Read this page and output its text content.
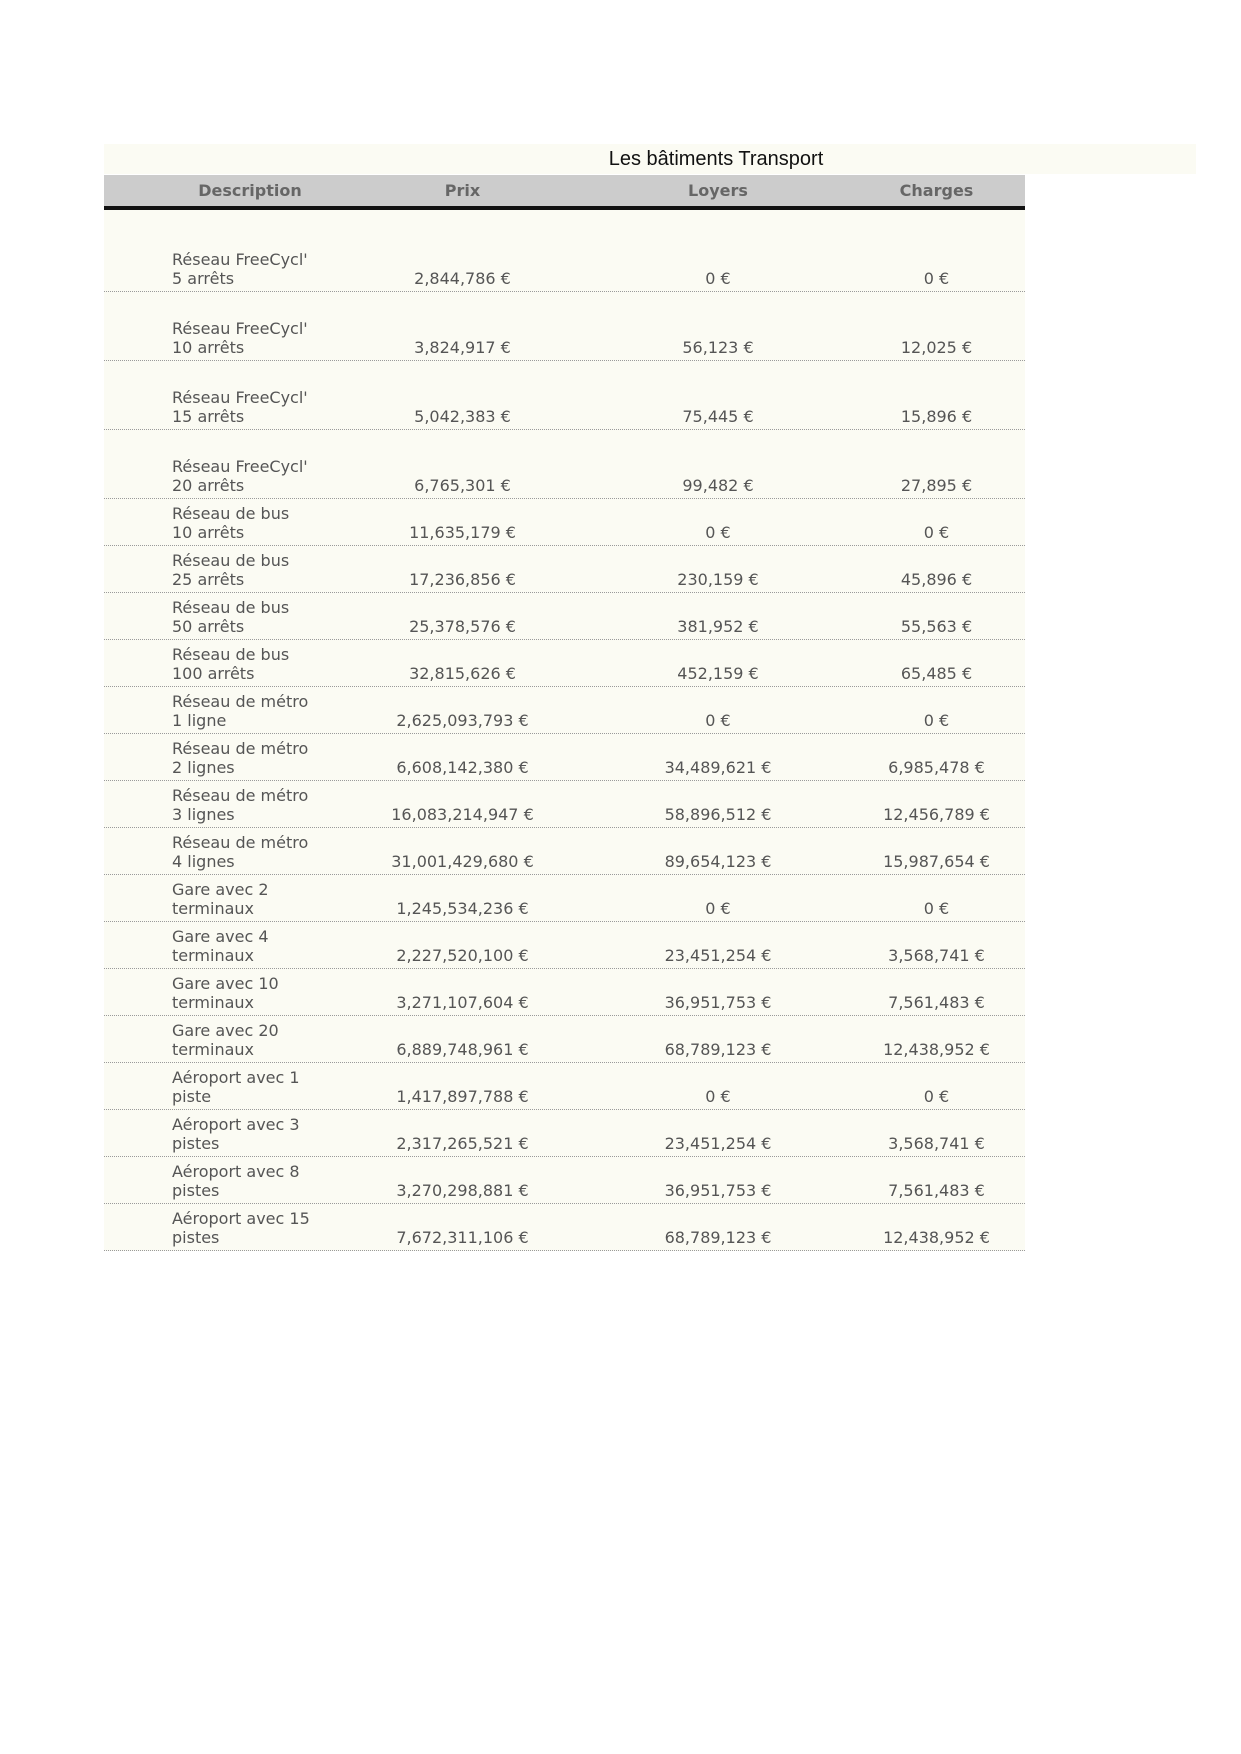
Les bâtiments Transport
Description	Prix	Loyers	Charges
Réseau FreeCycl'
5 arrêts	2,844,786 €	0 €	0 €
Réseau FreeCycl'
10 arrêts	3,824,917 €	56,123 €	12,025 €
Réseau FreeCycl'
15 arrêts	5,042,383 €	75,445 €	15,896 €
Réseau FreeCycl'
20 arrêts	6,765,301 €	99,482 €	27,895 €
Réseau de bus
10 arrêts	11,635,179 €	0 €	0 €
Réseau de bus
25 arrêts	17,236,856 €	230,159 €	45,896 €
Réseau de bus
50 arrêts	25,378,576 €	381,952 €	55,563 €
Réseau de bus
100 arrêts	32,815,626 €	452,159 €	65,485 €
Réseau de métro
1 ligne	2,625,093,793 €	0 €	0 €
Réseau de métro
2 lignes	6,608,142,380 €	34,489,621 €	6,985,478 €
Réseau de métro
3 lignes	16,083,214,947 €	58,896,512 €	12,456,789 €
Réseau de métro
4 lignes	31,001,429,680 €	89,654,123 €	15,987,654 €
Gare avec 2
terminaux	1,245,534,236 €	0 €	0 €
Gare avec 4
terminaux	2,227,520,100 €	23,451,254 €	3,568,741 €
Gare avec 10
terminaux	3,271,107,604 €	36,951,753 €	7,561,483 €
Gare avec 20
terminaux	6,889,748,961 €	68,789,123 €	12,438,952 €
Aéroport avec 1
piste	1,417,897,788 €	0 €	0 €
Aéroport avec 3
pistes	2,317,265,521 €	23,451,254 €	3,568,741 €
Aéroport avec 8
pistes	3,270,298,881 €	36,951,753 €	7,561,483 €
Aéroport avec 15
pistes	7,672,311,106 €	68,789,123 €	12,438,952 €
